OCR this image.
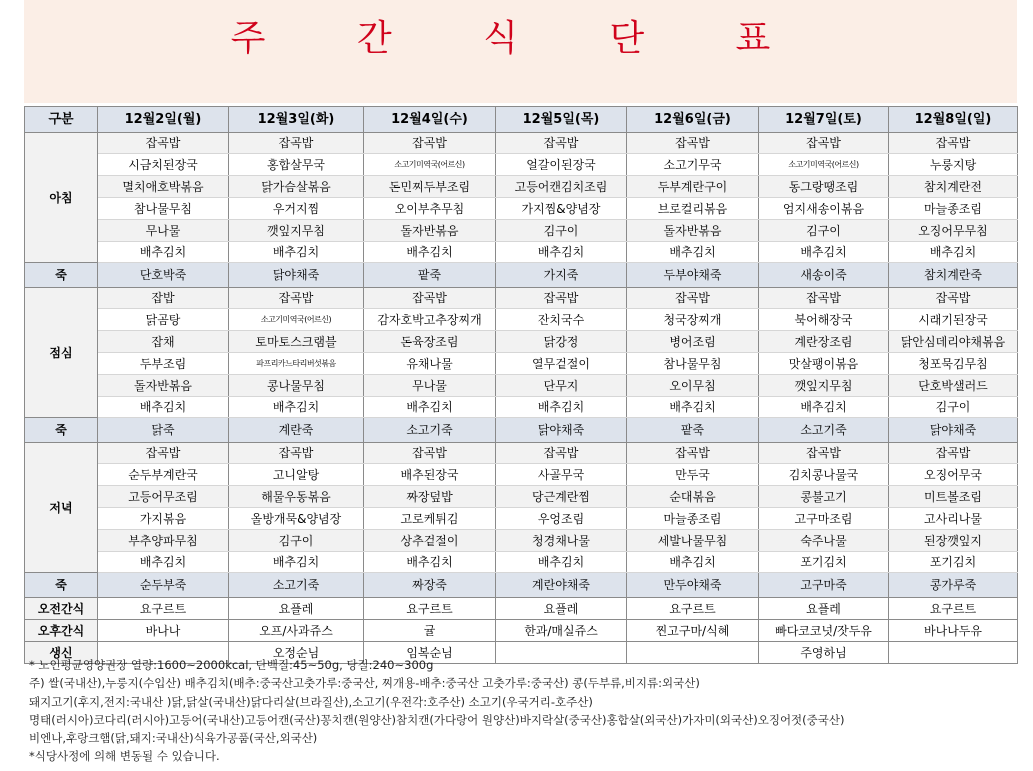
주 간 식 단 표
구분	12월2일(월)	12월3일(화)	12월4일(수)	12월5일(목)	12월6일(금)	12월7일(토)	12월8일(일)
아침	잡곡밥	잡곡밥	잡곡밥	잡곡밥	잡곡밥	잡곡밥	잡곡밥
	시금치된장국	홍합살무국	소고기미역국(어르신)	얼갈이된장국	소고기무국	소고기미역국(어르신)	누룽지탕
	멸치애호박볶음	닭가슴살볶음	돈민찌두부조림	고등어캔김치조림	두부계란구이	동그랑땡조림	참치계란전
	참나물무침	우거지찜	오이부추무침	가지찜&양념장	브로컬리볶음	엄지새송이볶음	마늘종조림
	무나물	깻잎지무침	돌자반볶음	김구이	돌자반볶음	김구이	오징어무무침
	배추김치	배추김치	배추김치	배추김치	배추김치	배추김치	배추김치
죽	단호박죽	닭야채죽	팥죽	가지죽	두부야채죽	새송이죽	참치계란죽
점심	잡밥	잡곡밥	잡곡밥	잡곡밥	잡곡밥	잡곡밥	잡곡밥
	닭곰탕	소고기미역국(어르신)	감자호박고추장찌개	잔치국수	청국장찌개	북어해장국	시래기된장국
	잡채	토마토스크램블	돈육장조림	닭강정	병어조림	계란장조림	닭안심데리야채볶음
	두부조림	파프리카느타리버섯볶음	유채나물	열무겉절이	참나물무침	맛살팽이볶음	청포묵김무침
	돌자반볶음	콩나물무침	무나물	단무지	오이무침	깻잎지무침	단호박샐러드
	배추김치	배추김치	배추김치	배추김치	배추김치	배추김치	김구이
죽	닭죽	계란죽	소고기죽	닭야채죽	팥죽	소고기죽	닭야채죽
저녁	잡곡밥	잡곡밥	잡곡밥	잡곡밥	잡곡밥	잡곡밥	잡곡밥
	순두부계란국	고니알탕	배추된장국	사골무국	만두국	김치콩나물국	오징어무국
	고등어무조림	해물우동볶음	짜장덮밥	당근계란찜	순대볶음	콩불고기	미트볼조림
	가지볶음	올방개묵&양념장	고로케튀김	우엉조림	마늘종조림	고구마조림	고사리나물
	부추양파무침	김구이	상추겉절이	청경채나물	세발나물무침	숙주나물	된장깻잎지
	배추김치	배추김치	배추김치	배추김치	배추김치	포기김치	포기김치
죽	순두부죽	소고기죽	짜장죽	계란야채죽	만두야채죽	고구마죽	콩가루죽
오전간식	요구르트	요플레	요구르트	요플레	요구르트	요플레	요구르트
오후간식	바나나	오프/사과쥬스	귤	한과/매실쥬스	찐고구마/식혜	빠다코코넛/잣두유	바나나두유
생신		오정순님	임복순님			주영하님	
* 노인평균영양권장 열량:1600~2000kcal, 단백질:45~50g, 당질:240~300g
주) 쌀(국내산),누룽지(수입산) 배추김치(배추:중국산고춧가루:중국산, 찌개용-배추:중국산 고춧가루:중국산) 콩(두부류,비지류:외국산)
돼지고기(후지,전지:국내산 )닭,닭살(국내산)닭다리살(브라질산),소고기(우전각:호주산) 소고기(우국거리-호주산)
명태(러시아)코다리(러시아)고등어(국내산)고등어캔(국산)꽁치캔(원양산)참치캔(가다랑어 원양산)바지락살(중국산)홍합살(외국산)가자미(외국산)오징어젓(중국산)
비엔나,후랑크햄(닭,돼지:국내산)식육가공품(국산,외국산)
*식당사정에 의해 변동될 수 있습니다.
